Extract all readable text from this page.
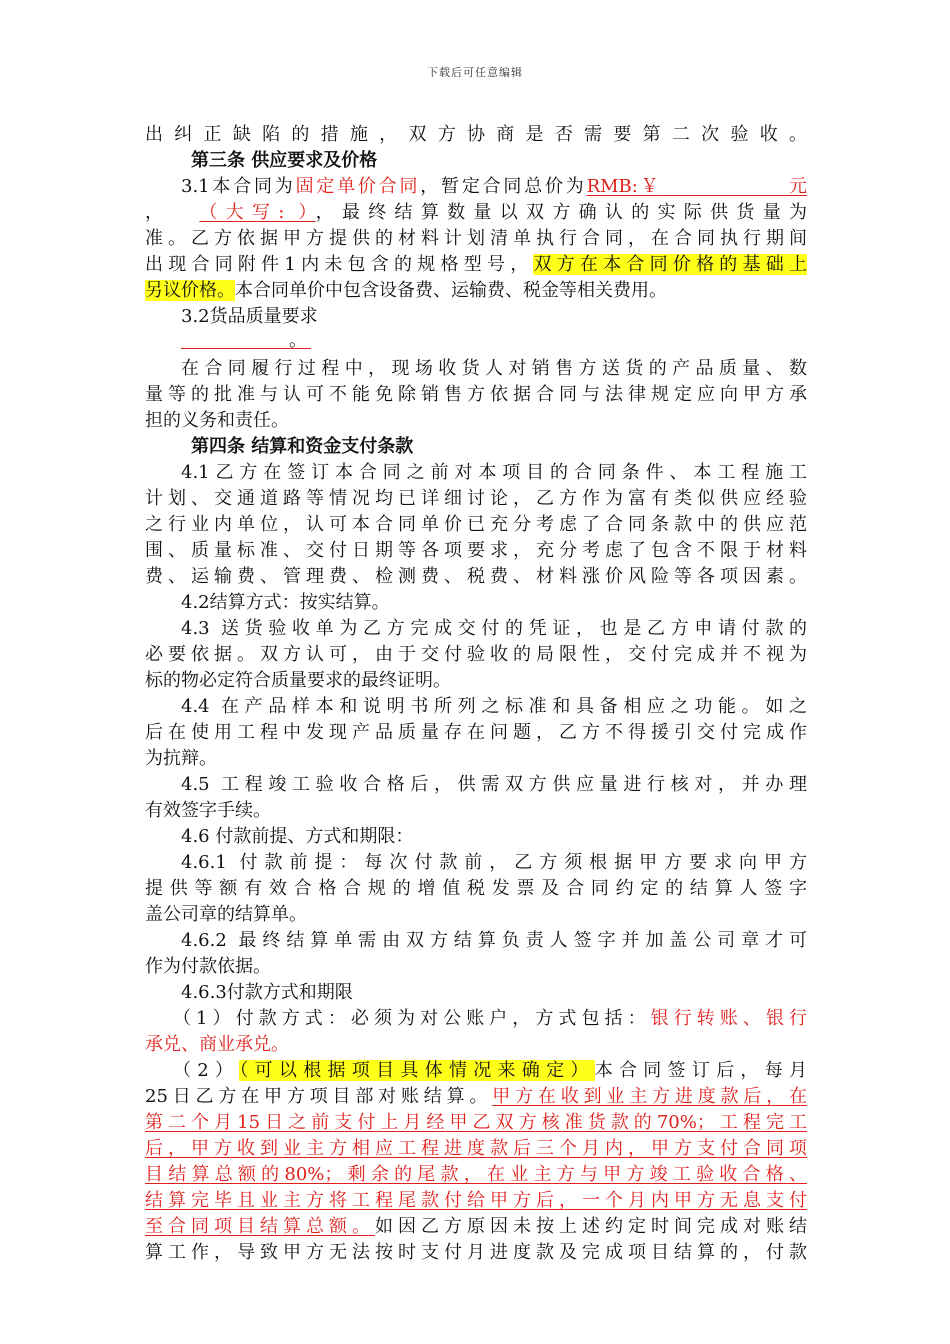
下载后可任意编辑
出纠正缺陷的措施，双方协商是否需要第二次验收。
第三条 供应要求及价格
3.1本合同为固定单价合同，暂定合同总价为RMB:￥	元
， （大写: ），最终结算数量以双方确认的实际供货量为
准。乙方依据甲方提供的材料计划清单执行合同，在合同执行期间
出现合同附件1内未包含的规格型号，双方在本合同价格的基础上
另议价格。本合同单价中包含设备费、运输费、税金等相关费用。
3.2货品质量要求
。
在合同履行过程中，现场收货人对销售方送货的产品质量、数
量等的批准与认可不能免除销售方依据合同与法律规定应向甲方承
担的义务和责任。
第四条 结算和资金支付条款
4.1乙方在签订本合同之前对本项目的合同条件、本工程施工
计划、交通道路等情况均已详细讨论，乙方作为富有类似供应经验
之行业内单位，认可本合同单价已充分考虑了合同条款中的供应范
围、质量标准、交付日期等各项要求，充分考虑了包含不限于材料
费、运输费、管理费、检测费、税费、材料涨价风险等各项因素。
4.2结算方式：按实结算。
4.3 送货验收单为乙方完成交付的凭证，也是乙方申请付款的
必要依据。双方认可，由于交付验收的局限性，交付完成并不视为
标的物必定符合质量要求的最终证明。
4.4 在产品样本和说明书所列之标准和具备相应之功能。如之
后在使用工程中发现产品质量存在问题，乙方不得援引交付完成作
为抗辩。
4.5 工程竣工验收合格后，供需双方供应量进行核对，并办理
有效签字手续。
4.6 付款前提、方式和期限：
4.6.1 付款前提：每次付款前，乙方须根据甲方要求向甲方
提供等额有效合格合规的增值税发票及合同约定的结算人签字
盖公司章的结算单。
4.6.2 最终结算单需由双方结算负责人签字并加盖公司章才可
作为付款依据。
4.6.3付款方式和期限
（1）付款方式：必须为对公账户，方式包括：银行转账、银行
承兑、商业承兑。
（2）（可以根据项目具体情况来确定）本合同签订后，每月
25日乙方在甲方项目部对账结算。甲方在收到业主方进度款后，在
第二个月15日之前支付上月经甲乙双方核准货款的70%；工程完工
后，甲方收到业主方相应工程进度款后三个月内，甲方支付合同项
目结算总额的80%；剩余的尾款，在业主方与甲方竣工验收合格、
结算完毕且业主方将工程尾款付给甲方后，一个月内甲方无息支付
至合同项目结算总额。如因乙方原因未按上述约定时间完成对账结
算工作，导致甲方无法按时支付月进度款及完成项目结算的，付款
